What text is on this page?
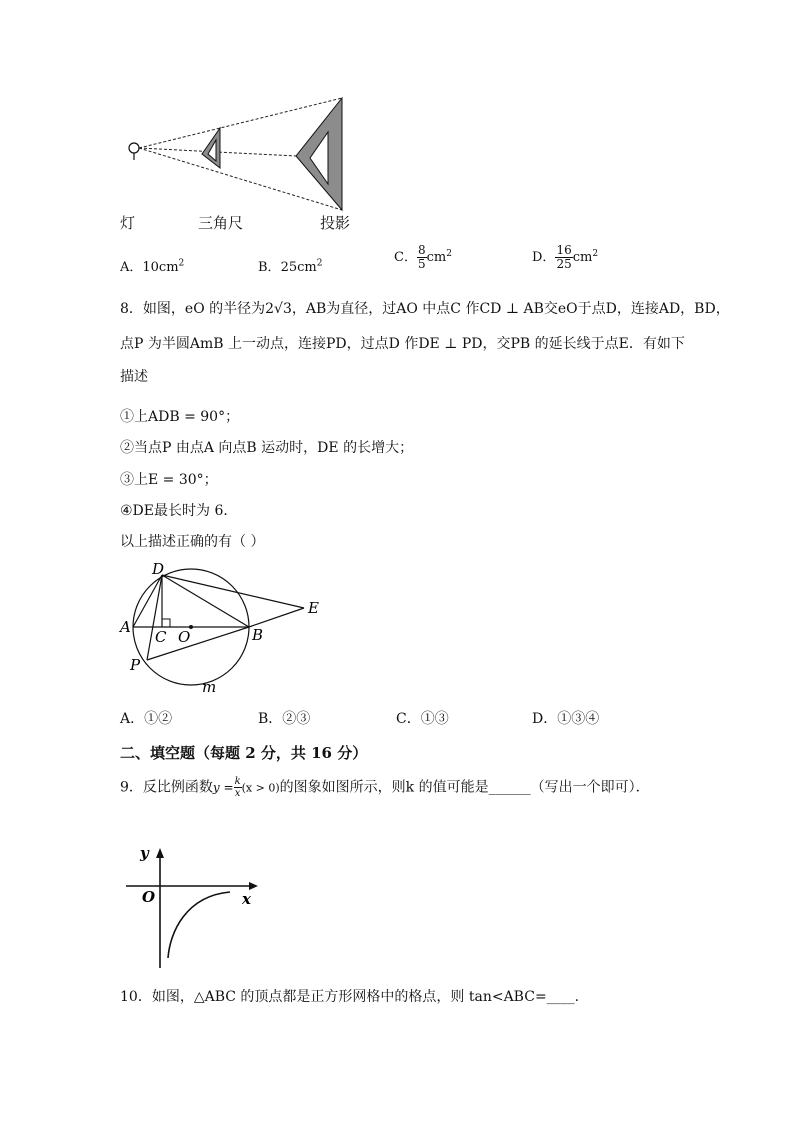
灯	三角尺	投影
A．$10cm^2$	B．$25cm^2$	C． $\frac{8}{5} cm^2$	D． $\frac{16}{25} cm^2$
8．如图，eO 的半径为2√3，AB为直径，过AO 中点C 作CD ⊥ AB交eO于点D，连接AD，BD，
点P 为半圆AmB 上一动点，连接PD，过点D 作DE ⊥ PD，交PB 的延长线于点E．有如下
描述
①上ADB = 90°；
②当点P 由点A 向点B 运动时，DE 的长增大；
③上E = 30°；
④DE最长时为 6．
以上描述正确的有（ ）
D
E
A	B
C O
P
m
A．①②	B．②③	C．①③	D．①③④
二、填空题（每题 2 分，共 16 分）
9．反比例函数$y = \frac{k}{x} (x > 0)$的图象如图所示，则k 的值可能是______（写出一个即可）．
y
x
O
10．如图，△ABC 的顶点都是正方形网格中的格点，则 tan<ABC=____.
